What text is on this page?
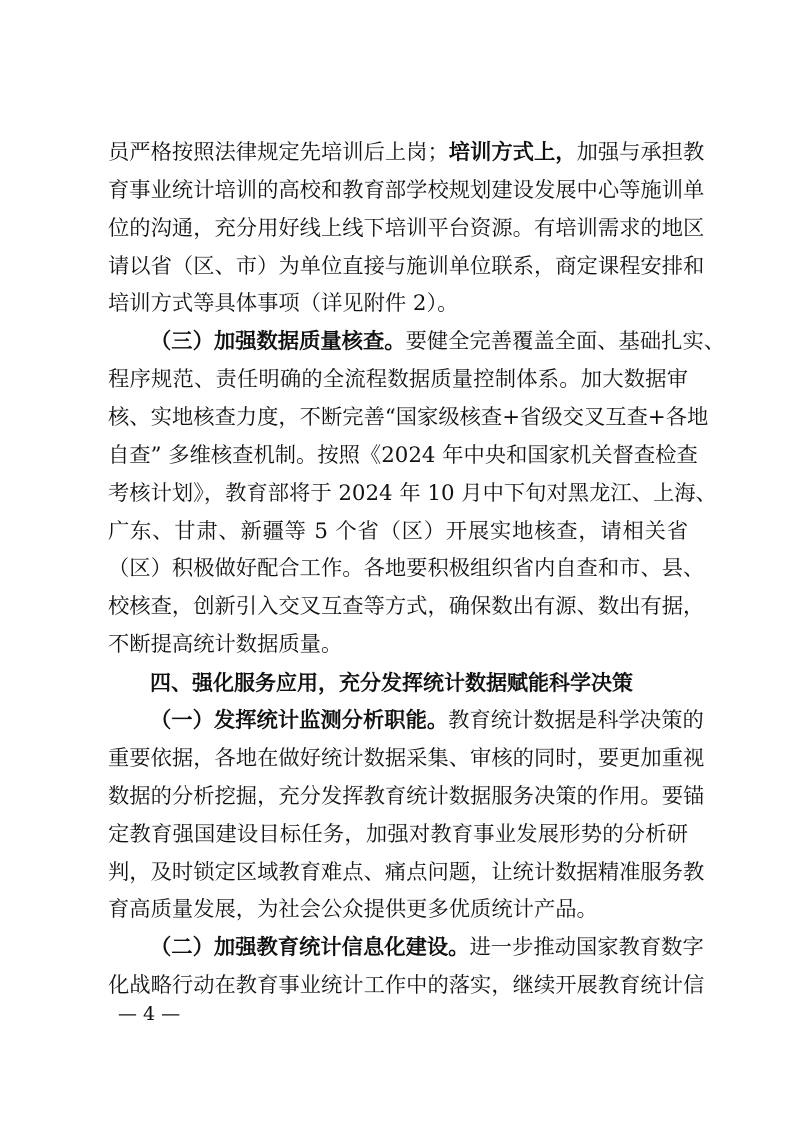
员严格按照法律规定先培训后上岗；培训方式上，加强与承担教
育事业统计培训的高校和教育部学校规划建设发展中心等施训单
位的沟通，充分用好线上线下培训平台资源。有培训需求的地区
请以省（区、市）为单位直接与施训单位联系，商定课程安排和
培训方式等具体事项（详见附件 2）。
（三）加强数据质量核查。要健全完善覆盖全面、基础扎实、
程序规范、责任明确的全流程数据质量控制体系。加大数据审
核、实地核查力度，不断完善“国家级核查+省级交叉互查+各地
自查” 多维核查机制。按照《2024 年中央和国家机关督查检查
考核计划》，教育部将于 2024 年 10 月中下旬对黑龙江、上海、
广东、甘肃、新疆等 5 个省（区）开展实地核查，请相关省
（区）积极做好配合工作。各地要积极组织省内自查和市、县、
校核查，创新引入交叉互查等方式，确保数出有源、数出有据，
不断提高统计数据质量。
四、强化服务应用，充分发挥统计数据赋能科学决策
（一）发挥统计监测分析职能。教育统计数据是科学决策的
重要依据，各地在做好统计数据采集、审核的同时，要更加重视
数据的分析挖掘，充分发挥教育统计数据服务决策的作用。要锚
定教育强国建设目标任务，加强对教育事业发展形势的分析研
判，及时锁定区域教育难点、痛点问题，让统计数据精准服务教
育高质量发展，为社会公众提供更多优质统计产品。
（二）加强教育统计信息化建设。进一步推动国家教育数字
化战略行动在教育事业统计工作中的落实，继续开展教育统计信
— 4 —
